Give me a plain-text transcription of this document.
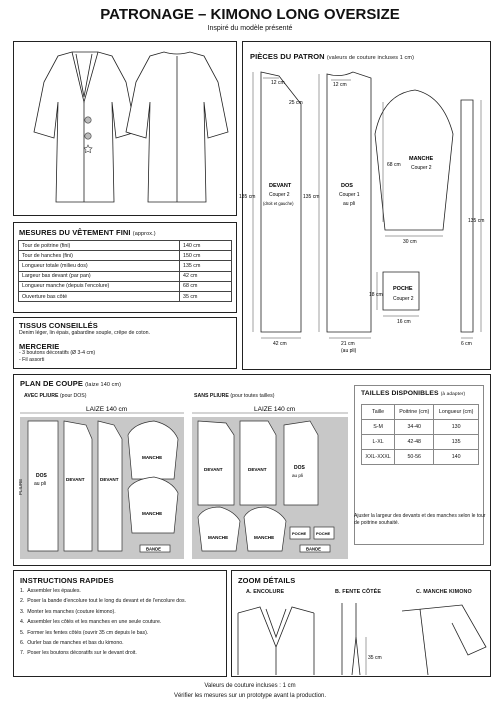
PATRONAGE – KIMONO LONG OVERSIZE
Inspiré du modèle présenté
PIÈCES DU PATRON (valeurs de couture incluses 1 cm)
12 cm
25 cm
135 cm
DEVANT
Couper 2
(droit et gauche)
42 cm
12 cm
135 cm
DOS
Couper 1
au pli
21 cm
(au pli)
68 cm
MANCHE
Couper 2
30 cm
18 cm
POCHE
Couper 2
16 cm
135 cm
6 cm
MESURES DU VÊTEMENT FINI (approx.)
Tour de poitrine (fini)	140 cm
Tour de hanches (fini)	150 cm
Longueur totale (milieu dos)	135 cm
Largeur bas devant (par pan)	42 cm
Longueur manche (depuis l'encolure)	68 cm
Ouverture bas côté	35 cm
TISSUS CONSEILLÉS
Denim léger, lin épais, gabardine souple, crêpe de coton.
MERCERIE
- 3 boutons décoratifs (Ø 3-4 cm)
- Fil assorti
PLAN DE COUPE (laize 140 cm)
AVEC PLIURE (pour DOS)	SANS PLIURE (pour toutes tailles)
LAIZE 140 cm	LAIZE 140 cm
PLIURE
DOS
au pli
DEVANT	DEVANT
MANCHE
MANCHE
BANDE
DEVANT	DEVANT	DOS
au pli
MANCHE	MANCHE
POCHE POCHE
BANDE
TAILLES DISPONIBLES (à adapter)
Taille	Poitrine (cm)	Longueur (cm)
S-M	34-40	130
L-XL	42-48	135
XXL-XXXL	50-56	140
Ajuster la largeur des devants et des manches selon le tour de poitrine souhaité.
INSTRUCTIONS RAPIDES
1.  Assembler les épaules.
2.  Poser la bande d'encolure tout le long du devant et de l'encolure dos.
3.  Monter les manches (couture kimono).
4.  Assembler les côtés et les manches en une seule couture.
5.  Former les fentes côtés (ouvrir 35 cm depuis le bas).
6.  Ourler bas de manches et bas du kimono.
7.  Poser les boutons décoratifs sur le devant droit.
ZOOM DÉTAILS
A. ENCOLURE	B. FENTE CÔTÉE	C. MANCHE KIMONO
35 cm
Valeurs de couture incluses : 1 cm
Vérifier les mesures sur un prototype avant la production.
